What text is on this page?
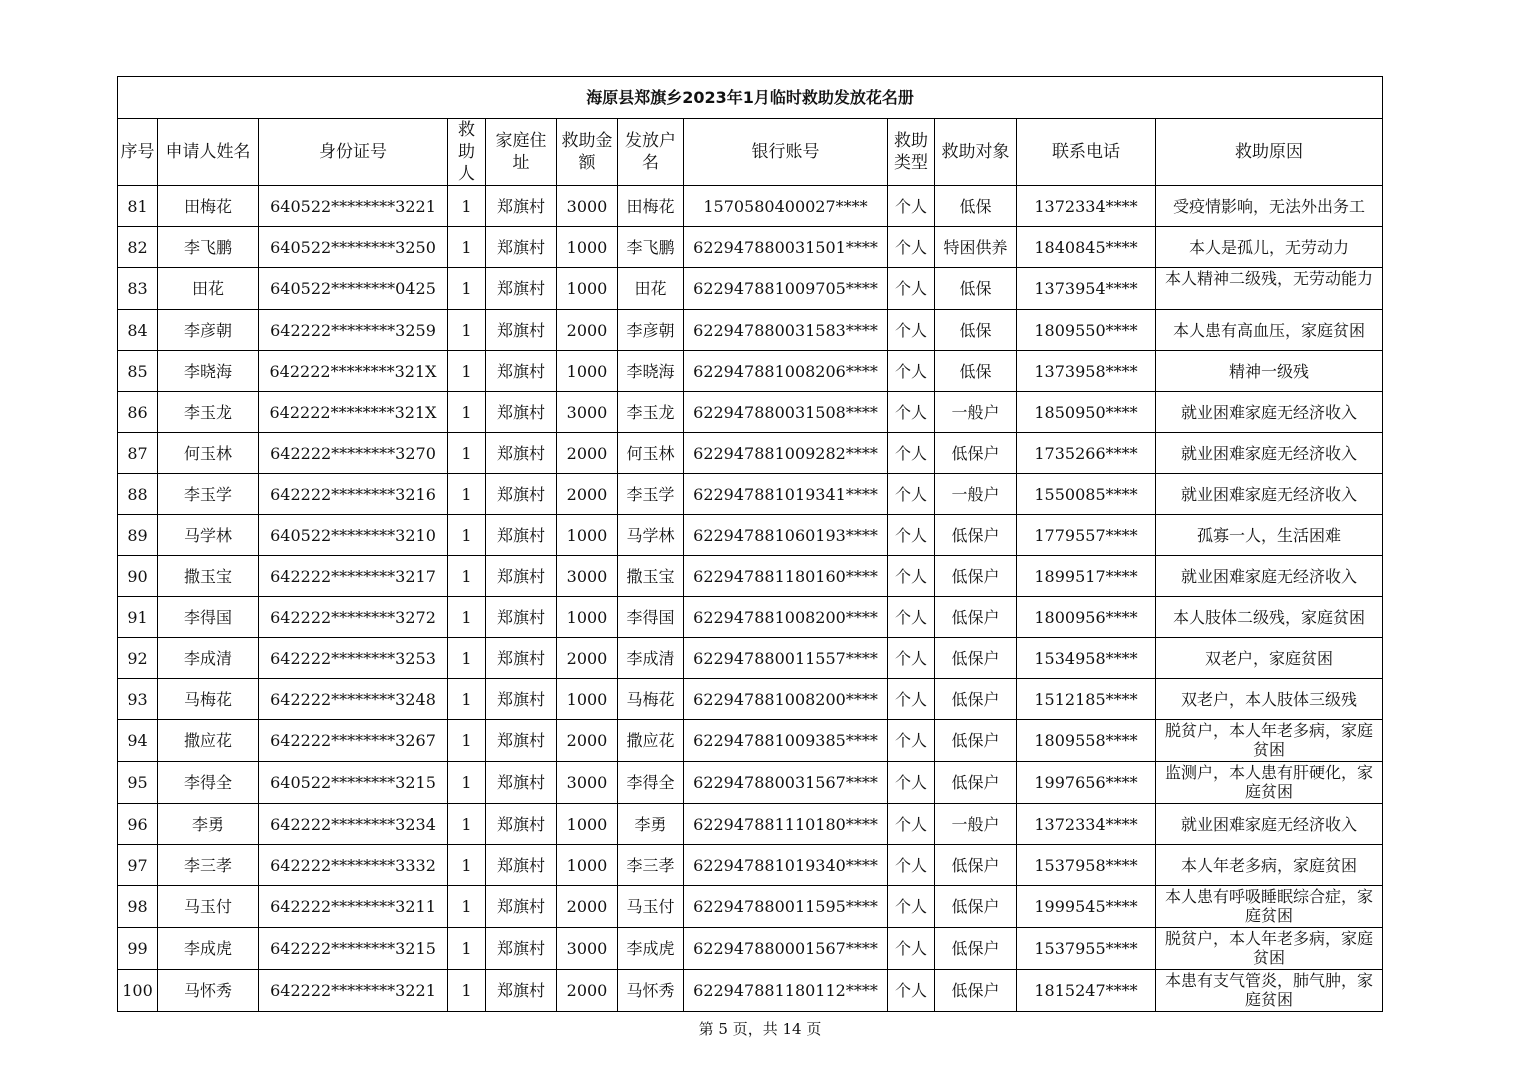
海原县郑旗乡2023年1月临时救助发放花名册											
序号	申请人姓名	身份证号	救助人	家庭住址	救助金额	发放户名	银行账号	救助类型	救助对象	联系电话	救助原因
81	田梅花	640522********3221	1	郑旗村	3000	田梅花	1570580400027****	个人	低保	1372334****	受疫情影响，无法外出务工

82	李飞鹏	640522********3250	1	郑旗村	1000	李飞鹏	622947880031501****	个人	特困供养	1840845****	本人是孤儿，无劳动力

83	田花	640522********0425	1	郑旗村	1000	田花	622947881009705****	个人	低保	1373954****	本人精神二级残，无劳动能力

84	李彦朝	642222********3259	1	郑旗村	2000	李彦朝	622947880031583****	个人	低保	1809550****	本人患有高血压，家庭贫困

85	李晓海	642222********321X	1	郑旗村	1000	李晓海	622947881008206****	个人	低保	1373958****	精神一级残

86	李玉龙	642222********321X	1	郑旗村	3000	李玉龙	622947880031508****	个人	一般户	1850950****	就业困难家庭无经济收入

87	何玉林	642222********3270	1	郑旗村	2000	何玉林	622947881009282****	个人	低保户	1735266****	就业困难家庭无经济收入

88	李玉学	642222********3216	1	郑旗村	2000	李玉学	622947881019341****	个人	一般户	1550085****	就业困难家庭无经济收入

89	马学林	640522********3210	1	郑旗村	1000	马学林	622947881060193****	个人	低保户	1779557****	孤寡一人，生活困难

90	撒玉宝	642222********3217	1	郑旗村	3000	撒玉宝	622947881180160****	个人	低保户	1899517****	就业困难家庭无经济收入

91	李得国	642222********3272	1	郑旗村	1000	李得国	622947881008200****	个人	低保户	1800956****	本人肢体二级残，家庭贫困

92	李成清	642222********3253	1	郑旗村	2000	李成清	622947880011557****	个人	低保户	1534958****	双老户，家庭贫困

93	马梅花	642222********3248	1	郑旗村	1000	马梅花	622947881008200****	个人	低保户	1512185****	双老户，本人肢体三级残

94	撒应花	642222********3267	1	郑旗村	2000	撒应花	622947881009385****	个人	低保户	1809558****	脱贫户，本人年老多病，家庭贫困

95	李得全	640522********3215	1	郑旗村	3000	李得全	622947880031567****	个人	低保户	1997656****	监测户，本人患有肝硬化，家庭贫困

96	李勇	642222********3234	1	郑旗村	1000	李勇	622947881110180****	个人	一般户	1372334****	就业困难家庭无经济收入

97	李三孝	642222********3332	1	郑旗村	1000	李三孝	622947881019340****	个人	低保户	1537958****	本人年老多病，家庭贫困

98	马玉付	642222********3211	1	郑旗村	2000	马玉付	622947880011595****	个人	低保户	1999545****	本人患有呼吸睡眠综合症，家庭贫困

99	李成虎	642222********3215	1	郑旗村	3000	李成虎	622947880001567****	个人	低保户	1537955****	脱贫户，本人年老多病，家庭贫困

100	马怀秀	642222********3221	1	郑旗村	2000	马怀秀	622947881180112****	个人	低保户	1815247****	本患有支气管炎，肺气肿，家庭贫困
第 5 页，共 14 页
